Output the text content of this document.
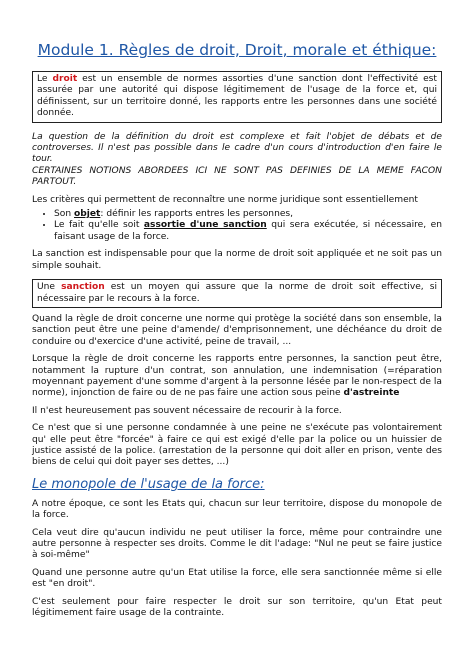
Module 1. Règles de droit, Droit, morale et éthique:

Le droit est un ensemble de normes assorties d'une sanction dont l'effectivité est assurée par une autorité qui dispose légitimement de l'usage de la force et, qui définissent, sur un territoire donné, les rapports entre les personnes dans une société donnée.

La question de la définition du droit est complexe et fait l'objet de débats et de controverses. Il n'est pas possible dans le cadre d'un cours d'introduction d'en faire le tour.

CERTAINES NOTIONS ABORDEES ICI NE SONT PAS DEFINIES DE LA MEME FACON PARTOUT.

Les critères qui permettent de reconnaître une norme juridique sont essentiellement

• Son objet: définir les rapports entres les personnes,
• Le fait qu'elle soit assortie d'une sanction qui sera exécutée, si nécessaire, en faisant usage de la force.

La sanction est indispensable pour que la norme de droit soit appliquée et ne soit pas un simple souhait.

Une sanction est un moyen qui assure que la norme de droit soit effective, si nécessaire par le recours à la force.

Quand la règle de droit concerne une norme qui protège la société dans son ensemble, la sanction peut être une peine d'amende/ d'emprisonnement, une déchéance du droit de conduire ou d'exercice d'une activité, peine de travail, ...

Lorsque la règle de droit concerne les rapports entre personnes, la sanction peut être, notamment la rupture d'un contrat, son annulation, une indemnisation (=réparation moyennant payement d'une somme d'argent à la personne lésée par le non-respect de la norme), injonction de faire ou de ne pas faire une action sous peine d'astreinte

Il n'est heureusement pas souvent nécessaire de recourir à la force.

Ce n'est que si une personne condamnée à une peine ne s'exécute pas volontairement qu' elle peut être "forcée" à faire ce qui est exigé d'elle par la police ou un huissier de justice assisté de la police. (arrestation de la personne qui doit aller en prison, vente des biens de celui qui doit payer ses dettes, ...)

Le monopole de l'usage de la force:

A notre époque, ce sont les Etats qui, chacun sur leur territoire, dispose du monopole de la force.

Cela veut dire qu'aucun individu ne peut utiliser la force, même pour contraindre une autre personne à respecter ses droits. Comme le dit l'adage: "Nul ne peut se faire justice à soi-même"

Quand une personne autre qu'un Etat utilise la force, elle sera sanctionnée même si elle est "en droit".

C'est seulement pour faire respecter le droit sur son territoire, qu'un Etat peut légitimement faire usage de la contrainte.
